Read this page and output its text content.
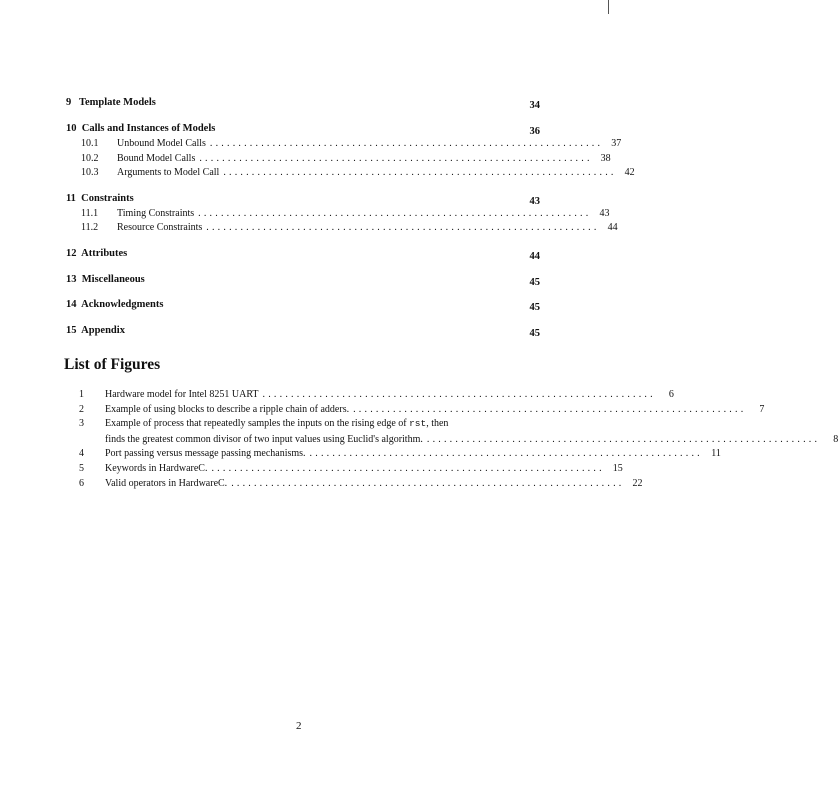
9 Template Models	34
10 Calls and Instances of Models	36
10.1	Unbound Model Calls ..................................................................... 37
10.2	Bound Model Calls ..................................................................... 38
10.3	Arguments to Model Call ..................................................................... 42
11 Constraints	43
11.1	Timing Constraints ..................................................................... 43
11.2	Resource Constraints ..................................................................... 44
12 Attributes	44
13 Miscellaneous	45
14 Acknowledgments	45
15 Appendix	45
List of Figures
1	Hardware model for Intel 8251 UART .....................................................................	6
2	Example of using blocks to describe a ripple chain of adders. .....................................................................	7
3	Example of process that repeatedly samples the inputs on the rising edge of rst, then
finds the greatest common divisor of two input values using Euclid's algorithm. .....................................................................	8
4	Port passing versus message passing mechanisms. ..................................................................... 11
5	Keywords in HardwareC. ..................................................................... 15
6	Valid operators in HardwareC. ..................................................................... 22
2
